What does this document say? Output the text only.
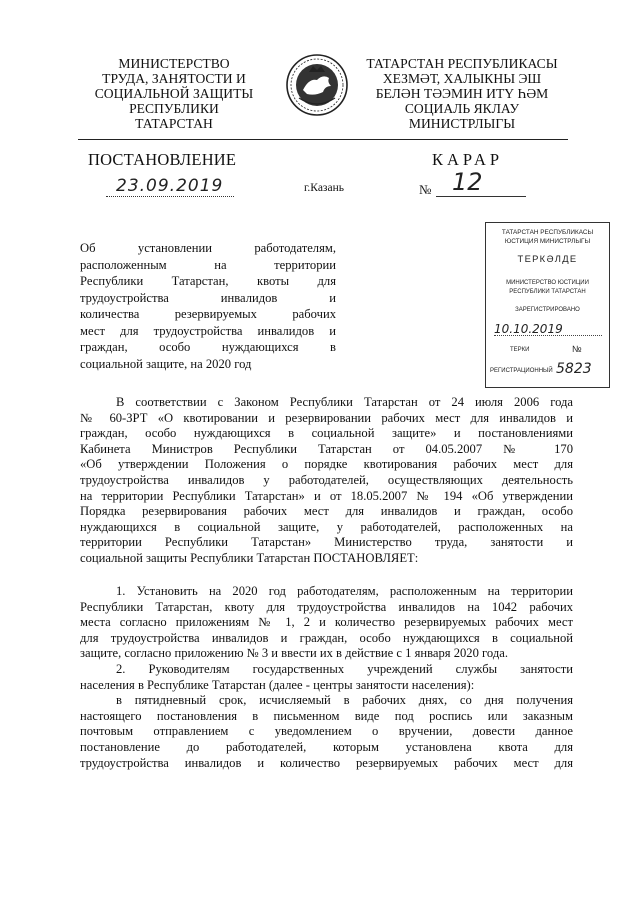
МИНИСТЕРСТВО
ТРУДА, ЗАНЯТОСТИ И
СОЦИАЛЬНОЙ ЗАЩИТЫ
РЕСПУБЛИКИ
ТАТАРСТАН
ТАТАРСТАН РЕСПУБЛИКАСЫ
ХЕЗМӘТ, ХАЛЫКНЫ ЭШ
БЕЛӘН ТӘЭМИН ИТҮ ҺӘМ
СОЦИАЛЬ ЯКЛАУ
МИНИСТРЛЫГЫ
ПОСТАНОВЛЕНИЕ	КАРАР
23.09.2019	г.Казань	№ 12
ТАТАРСТАН РЕСПУБЛИКАСЫ
ЮСТИЦИЯ МИНИСТРЛЫГЫ
ТЕРКӘЛДЕ
МИНИСТЕРСТВО ЮСТИЦИИ
РЕСПУБЛИКИ ТАТАРСТАН
ЗАРЕГИСТРИРОВАНО
10.10.2019
ТЕРКИ	№
РЕГИСТРАЦИОННЫЙ 5823
Об установлении работодателям,
расположенным на территории
Республики Татарстан, квоты для
трудоустройства инвалидов и
количества резервируемых рабочих
мест для трудоустройства инвалидов и
граждан, особо нуждающихся в
социальной защите, на 2020 год
В соответствии с Законом Республики Татарстан от 24 июля 2006 года
№ 60-ЗРТ «О квотировании и резервировании рабочих мест для инвалидов и
граждан, особо нуждающихся в социальной защите» и постановлениями
Кабинета Министров Республики Татарстан от 04.05.2007 № 170
«Об утверждении Положения о порядке квотирования рабочих мест для
трудоустройства инвалидов у работодателей, осуществляющих деятельность
на территории Республики Татарстан» и от 18.05.2007 № 194 «Об утверждении
Порядка резервирования рабочих мест для инвалидов и граждан, особо
нуждающихся в социальной защите, у работодателей, расположенных на
территории Республики Татарстан» Министерство труда, занятости и
социальной защиты Республики Татарстан ПОСТАНОВЛЯЕТ:
1. Установить на 2020 год работодателям, расположенным на территории
Республики Татарстан, квоту для трудоустройства инвалидов на 1042 рабочих
места согласно приложениям № 1, 2 и количество резервируемых рабочих мест
для трудоустройства инвалидов и граждан, особо нуждающихся в социальной
защите, согласно приложению № 3 и ввести их в действие с 1 января 2020 года.
2. Руководителям государственных учреждений службы занятости
населения в Республике Татарстан (далее - центры занятости населения):
в пятидневный срок, исчисляемый в рабочих днях, со дня получения
настоящего постановления в письменном виде под роспись или заказным
почтовым отправлением с уведомлением о вручении, довести данное
постановление до работодателей, которым установлена квота для
трудоустройства инвалидов и количество резервируемых рабочих мест для
